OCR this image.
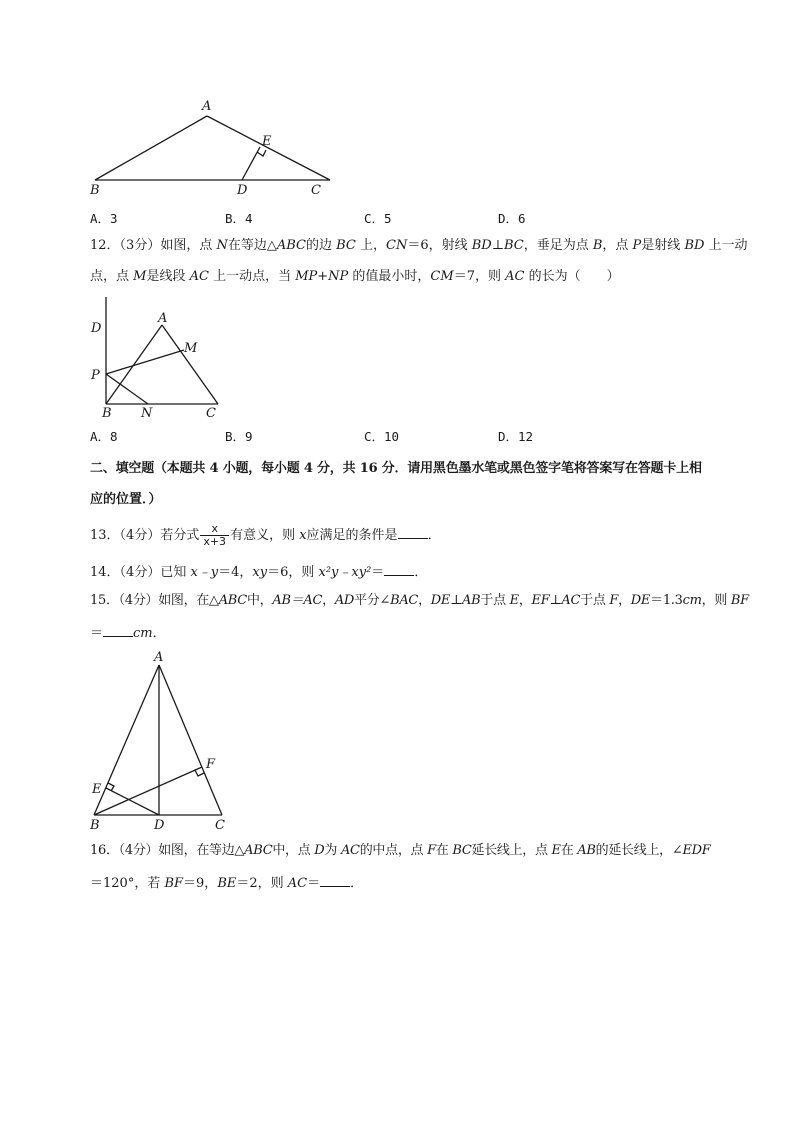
A
E
B	D	C
A．3	B．4	C．5	D．6
12．（3分）如图，点 N在等边△ABC的边 BC 上，CN＝6，射线 BD⊥BC，垂足为点 B，点 P是射线 BD 上一动
点，点 M是线段 AC 上一动点，当 MP+NP 的值最小时，CM＝7，则 AC 的长为（　　）
D
A
M
P
B N	C
A．8	B．9	C．10	D．12
二、填空题（本题共 4 小题，每小题 4 分，共 16 分．请用黑色墨水笔或黑色签字笔将答案写在答题卡上相
应的位置．）
13．（4分）若分式 $\frac{x}{x+3}$ 有意义，则 x应满足的条件是 ．
14．（4分）已知 x﹣y＝4，xy＝6，则 x²y﹣xy²＝ ．
15．（4分）如图，在△ABC中，AB＝AC，AD平分∠BAC，DE⊥AB于点 E，EF⊥AC于点 F，DE＝1.3cm，则 BF
＝ cm．
A
F
E
B	D	C
16．（4分）如图，在等边△ABC中，点 D为 AC的中点，点 F在 BC延长线上，点 E在 AB的延长线上，∠EDF
＝120°，若 BF＝9，BE＝2，则 AC＝ ．
